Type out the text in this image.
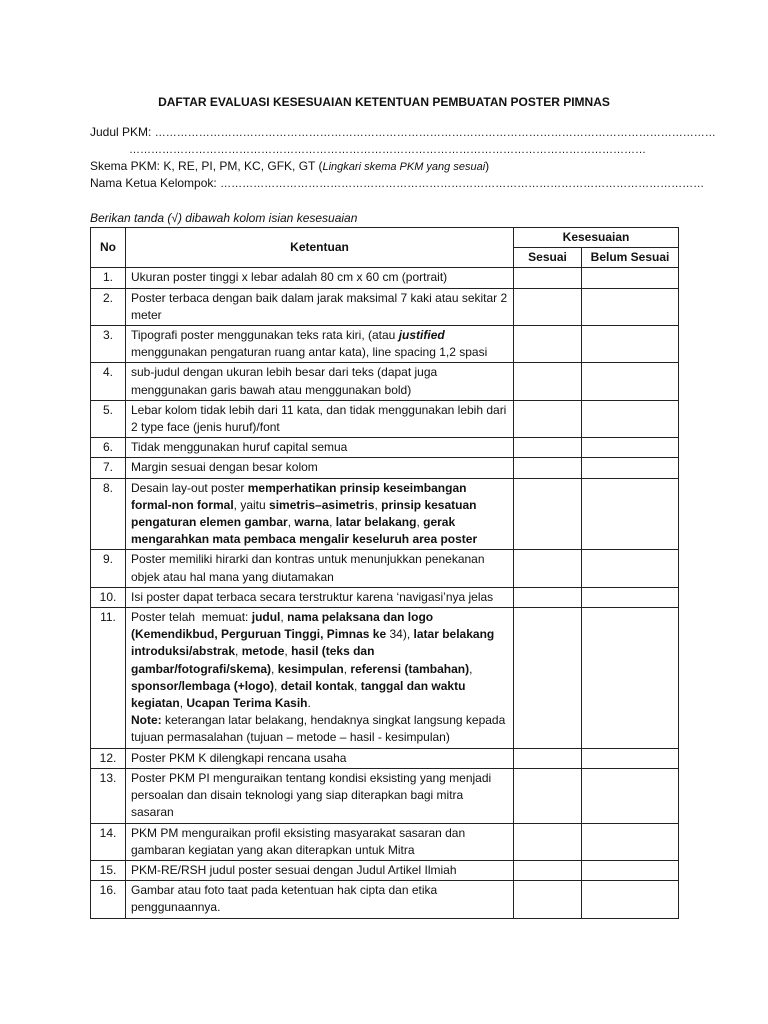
DAFTAR EVALUASI KESESUAIAN KETENTUAN PEMBUATAN POSTER PIMNAS
Judul PKM: ………………………………………………………………………………………………………………………………………
……………………………………………………………………………………………………………………………
Skema PKM: K, RE, PI, PM, KC, GFK, GT (Lingkari skema PKM yang sesuai)
Nama Ketua Kelompok: ……………………………………………………………………………………………………………………
Berikan tanda (√) dibawah kolom isian kesesuaian
No	Ketentuan	Kesesuaian	
		Sesuai	Belum Sesuai
1.	Ukuran poster tinggi x lebar adalah 80 cm x 60 cm (portrait)		
2.	Poster terbaca dengan baik dalam jarak maksimal 7 kaki atau sekitar 2 meter		
3.	Tipografi poster menggunakan teks rata kiri, (atau justified menggunakan pengaturan ruang antar kata), line spacing 1,2 spasi		
4.	sub-judul dengan ukuran lebih besar dari teks (dapat juga menggunakan garis bawah atau menggunakan bold)		
5.	Lebar kolom tidak lebih dari 11 kata, dan tidak menggunakan lebih dari 2 type face (jenis huruf)/font		
6.	Tidak menggunakan huruf capital semua		
7.	Margin sesuai dengan besar kolom		
8.	Desain lay-out poster memperhatikan prinsip keseimbangan formal-non formal, yaitu simetris–asimetris, prinsip kesatuan pengaturan elemen gambar, warna, latar belakang, gerak mengarahkan mata pembaca mengalir keseluruh area poster		
9.	Poster memiliki hirarki dan kontras untuk menunjukkan penekanan objek atau hal mana yang diutamakan		
10.	Isi poster dapat terbaca secara terstruktur karena ‘navigasi’nya jelas		
11.	Poster telah  memuat: judul, nama pelaksana dan logo (Kemendikbud, Perguruan Tinggi, Pimnas ke 34), latar belakang introduksi/abstrak, metode, hasil (teks dan gambar/fotografi/skema), kesimpulan, referensi (tambahan), sponsor/lembaga (+logo), detail kontak, tanggal dan waktu kegiatan, Ucapan Terima Kasih.
Note: keterangan latar belakang, hendaknya singkat langsung kepada tujuan permasalahan (tujuan – metode – hasil - kesimpulan)		
12.	Poster PKM K dilengkapi rencana usaha		
13.	Poster PKM PI menguraikan tentang kondisi eksisting yang menjadi persoalan dan disain teknologi yang siap diterapkan bagi mitra sasaran		
14.	PKM PM menguraikan profil eksisting masyarakat sasaran dan gambaran kegiatan yang akan diterapkan untuk Mitra		
15.	PKM-RE/RSH judul poster sesuai dengan Judul Artikel Ilmiah		
16.	Gambar atau foto taat pada ketentuan hak cipta dan etika penggunaannya.		
